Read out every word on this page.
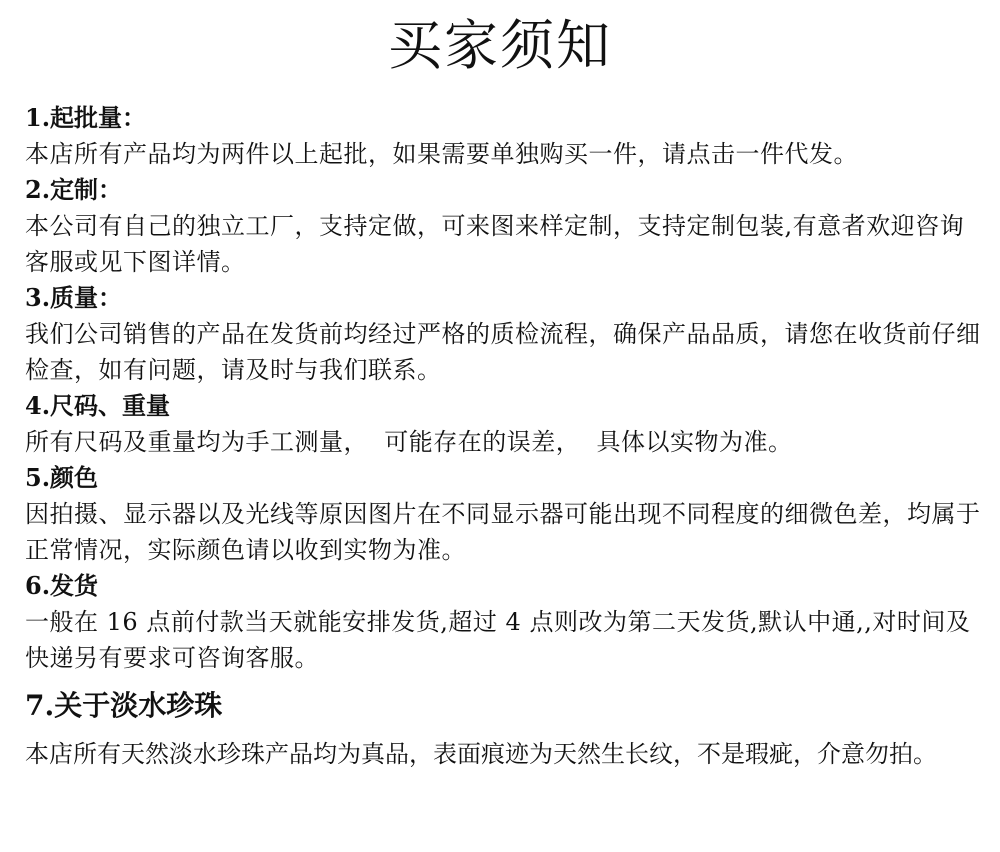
买家须知
1.起批量：
本店所有产品均为两件以上起批，如果需要单独购买一件，请点击一件代发。
2.定制：
本公司有自己的独立工厂，支持定做，可来图来样定制，支持定制包装,有意者欢迎咨询客服或见下图详情。
3.质量：
我们公司销售的产品在发货前均经过严格的质检流程，确保产品品质，请您在收货前仔细检查，如有问题，请及时与我们联系。
4.尺码、重量
所有尺码及重量均为手工测量，  可能存在的误差，  具体以实物为准。
5.颜色
因拍摄、显示器以及光线等原因图片在不同显示器可能出现不同程度的细微色差，均属于正常情况，实际颜色请以收到实物为准。
6.发货
一般在 16 点前付款当天就能安排发货,超过 4 点则改为第二天发货,默认中通,,对时间及快递另有要求可咨询客服。
7.关于淡水珍珠
本店所有天然淡水珍珠产品均为真品，表面痕迹为天然生长纹，不是瑕疵，介意勿拍。
